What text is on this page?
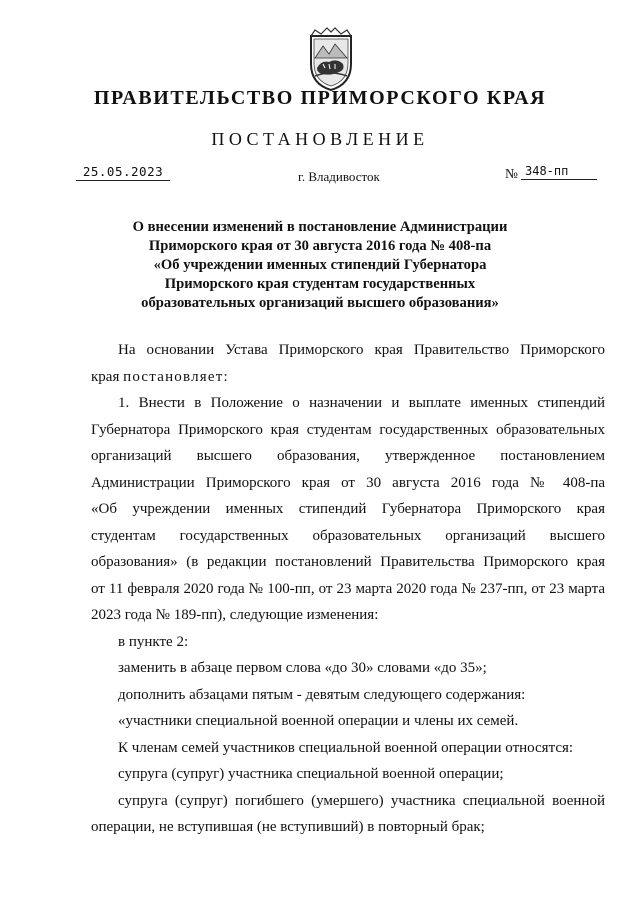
ПРАВИТЕЛЬСТВО ПРИМОРСКОГО КРАЯ
ПОСТАНОВЛЕНИЕ
25.05.2023	г. Владивосток	№ 348-пп
О внесении изменений в постановление Администрации
Приморского края от 30 августа 2016 года № 408-па
«Об учреждении именных стипендий Губернатора
Приморского края студентам государственных
образовательных организаций высшего образования»
На основании Устава Приморского края Правительство Приморского
края постановляет:
1. Внести в Положение о назначении и выплате именных стипендий
Губернатора Приморского края студентам государственных образовательных
организаций высшего образования, утвержденное постановлением
Администрации Приморского края от 30 августа 2016 года № 408-па
«Об учреждении именных стипендий Губернатора Приморского края
студентам государственных образовательных организаций высшего
образования» (в редакции постановлений Правительства Приморского края
от 11 февраля 2020 года № 100-пп, от 23 марта 2020 года № 237-пп, от 23 марта
2023 года № 189-пп), следующие изменения:
в пункте 2:
заменить в абзаце первом слова «до 30» словами «до 35»;
дополнить абзацами пятым - девятым следующего содержания:
«участники специальной военной операции и члены их семей.
К членам семей участников специальной военной операции относятся:
супруга (супруг) участника специальной военной операции;
супруга (супруг) погибшего (умершего) участника специальной военной
операции, не вступившая (не вступивший) в повторный брак;
